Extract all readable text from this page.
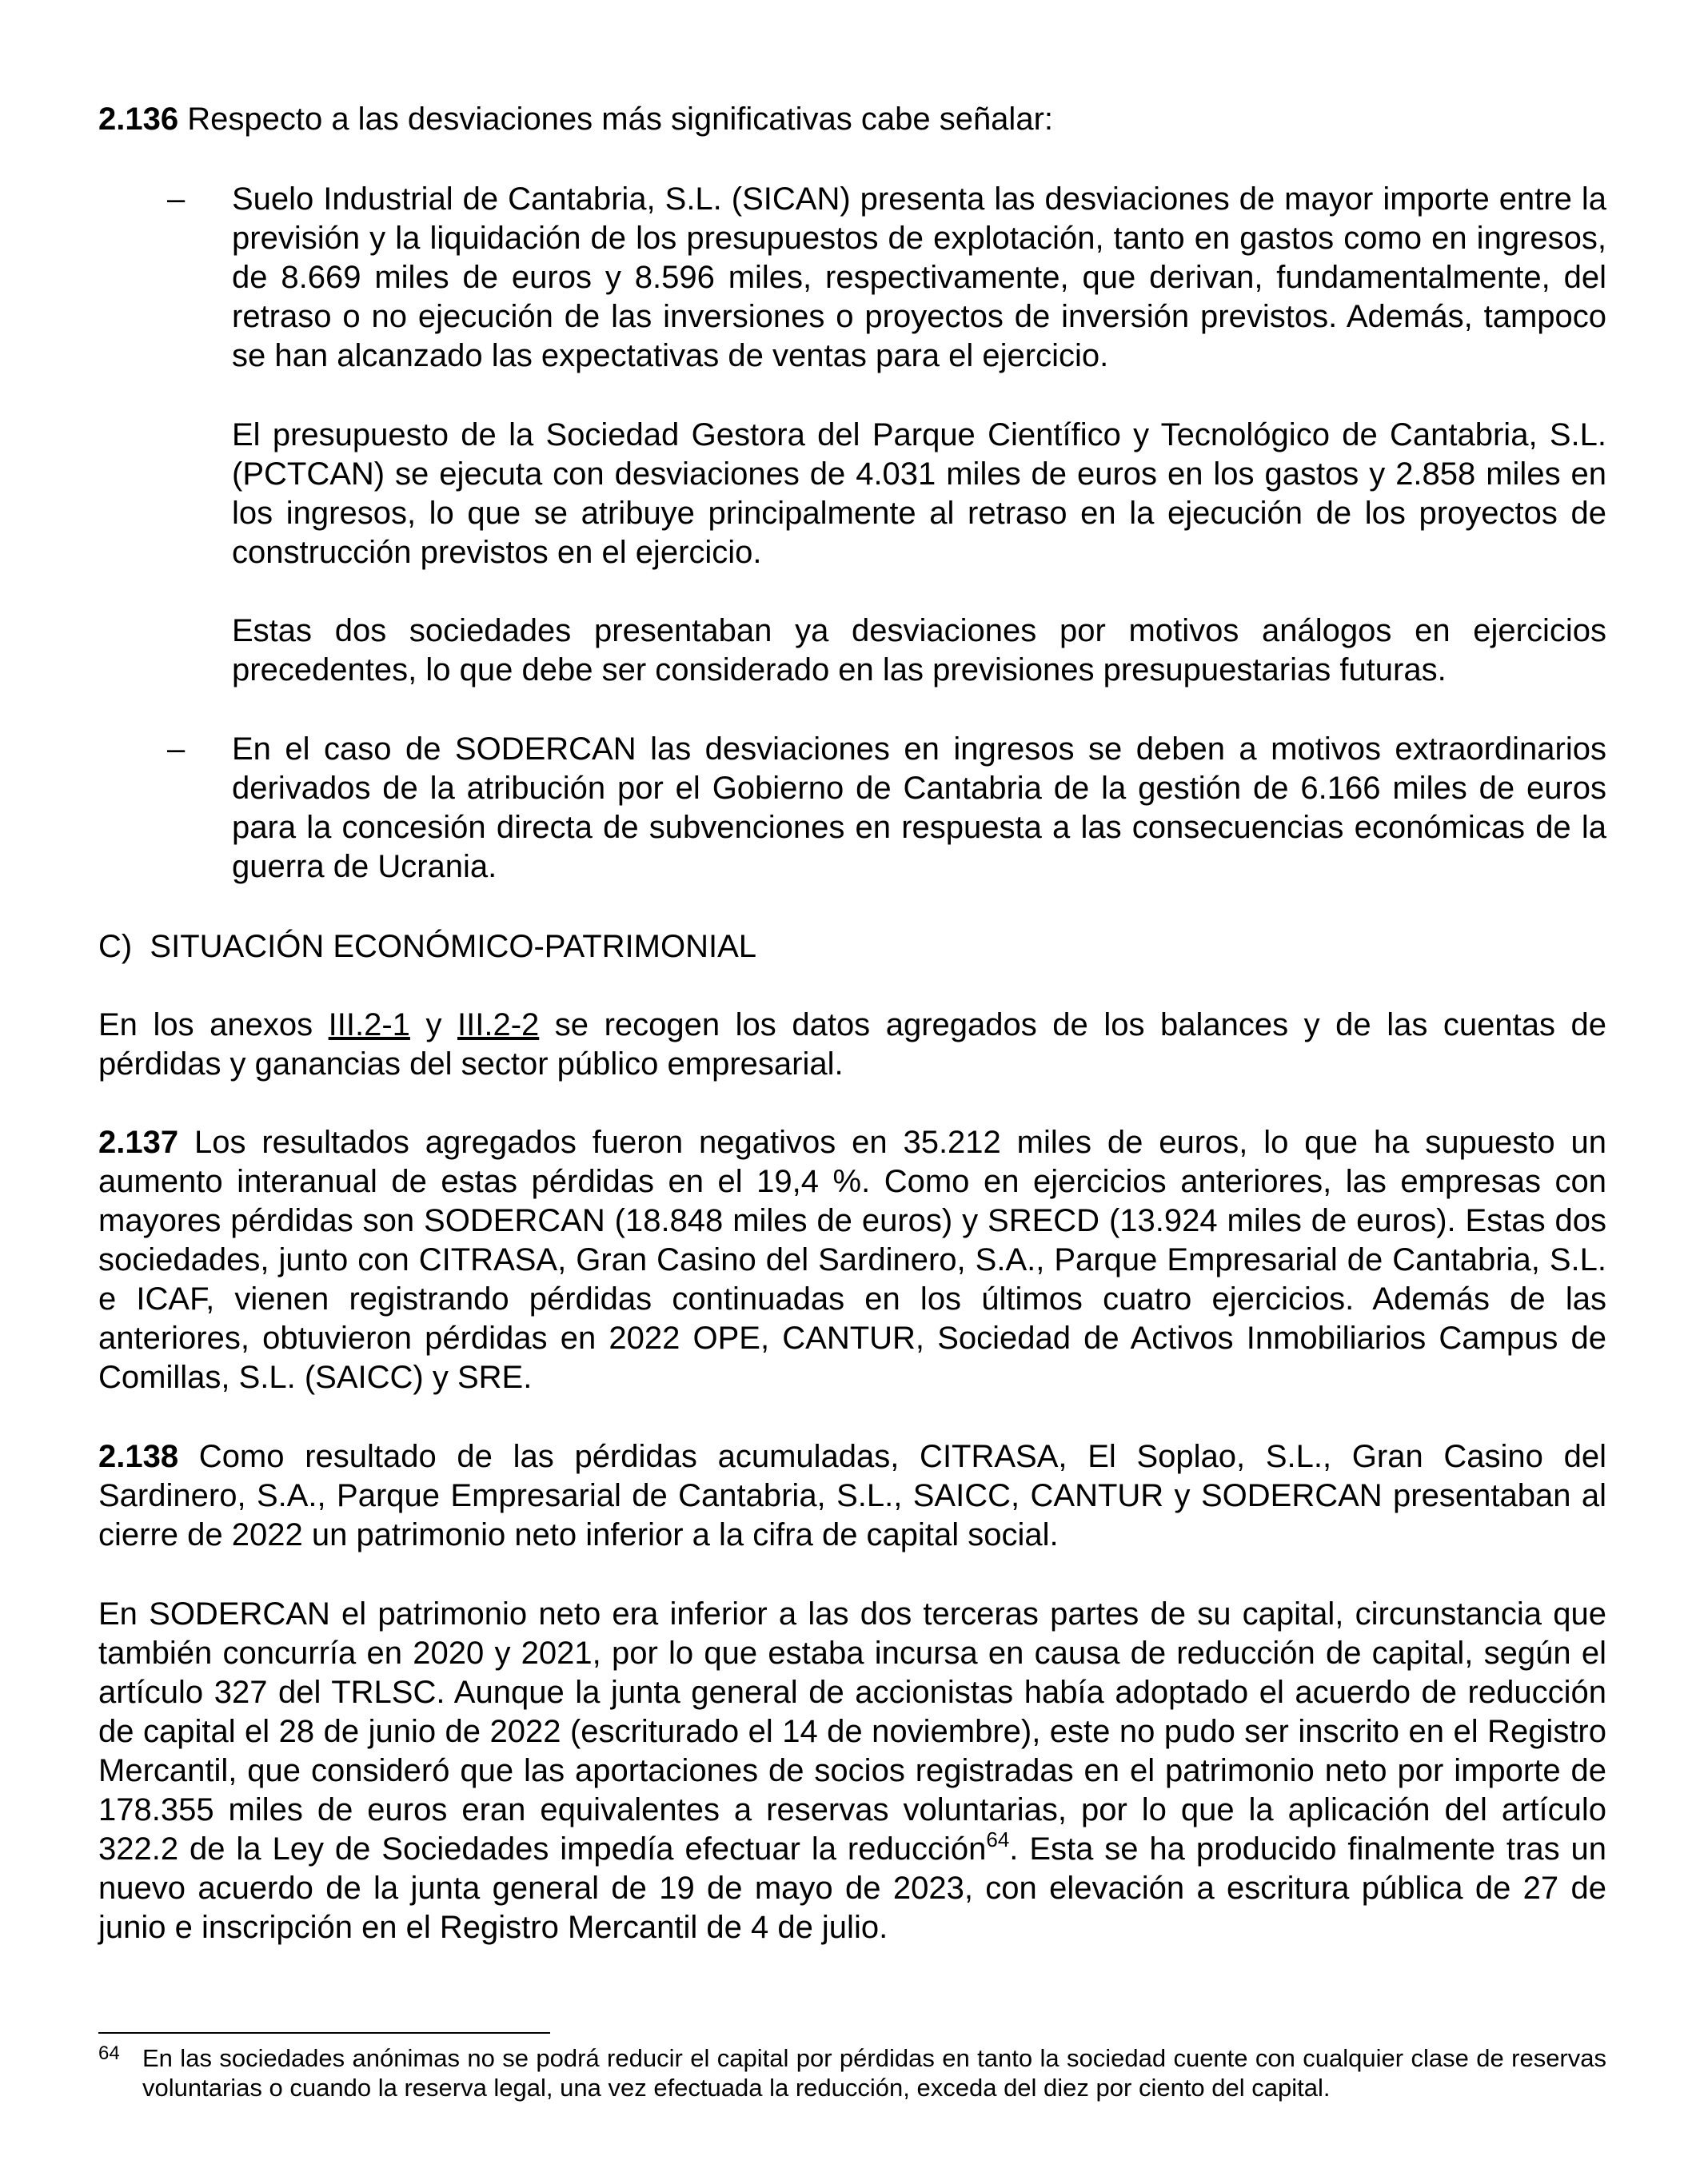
2.136 Respecto a las desviaciones más significativas cabe señalar:

–	Suelo Industrial de Cantabria, S.L. (SICAN) presenta las desviaciones de mayor importe entre la previsión y la liquidación de los presupuestos de explotación, tanto en gastos como en ingresos, de 8.669 miles de euros y 8.596 miles, respectivamente, que derivan, fundamentalmente, del retraso o no ejecución de las inversiones o proyectos de inversión previstos. Además, tampoco se han alcanzado las expectativas de ventas para el ejercicio.

El presupuesto de la Sociedad Gestora del Parque Científico y Tecnológico de Cantabria, S.L. (PCTCAN) se ejecuta con desviaciones de 4.031 miles de euros en los gastos y 2.858 miles en los ingresos, lo que se atribuye principalmente al retraso en la ejecución de los proyectos de construcción previstos en el ejercicio.

Estas dos sociedades presentaban ya desviaciones por motivos análogos en ejercicios precedentes, lo que debe ser considerado en las previsiones presupuestarias futuras.

–	En el caso de SODERCAN las desviaciones en ingresos se deben a motivos extraordinarios derivados de la atribución por el Gobierno de Cantabria de la gestión de 6.166 miles de euros para la concesión directa de subvenciones en respuesta a las consecuencias económicas de la guerra de Ucrania.

C)  SITUACIÓN ECONÓMICO-PATRIMONIAL

En los anexos III.2-1 y III.2-2 se recogen los datos agregados de los balances y de las cuentas de pérdidas y ganancias del sector público empresarial.

2.137 Los resultados agregados fueron negativos en 35.212 miles de euros, lo que ha supuesto un aumento interanual de estas pérdidas en el 19,4 %. Como en ejercicios anteriores, las empresas con mayores pérdidas son SODERCAN (18.848 miles de euros) y SRECD (13.924 miles de euros). Estas dos sociedades, junto con CITRASA, Gran Casino del Sardinero, S.A., Parque Empresarial de Cantabria, S.L. e ICAF, vienen registrando pérdidas continuadas en los últimos cuatro ejercicios. Además de las anteriores, obtuvieron pérdidas en 2022 OPE, CANTUR, Sociedad de Activos Inmobiliarios Campus de Comillas, S.L. (SAICC) y SRE.

2.138 Como resultado de las pérdidas acumuladas, CITRASA, El Soplao, S.L., Gran Casino del Sardinero, S.A., Parque Empresarial de Cantabria, S.L., SAICC, CANTUR y SODERCAN presentaban al cierre de 2022 un patrimonio neto inferior a la cifra de capital social.

En SODERCAN el patrimonio neto era inferior a las dos terceras partes de su capital, circunstancia que también concurría en 2020 y 2021, por lo que estaba incursa en causa de reducción de capital, según el artículo 327 del TRLSC. Aunque la junta general de accionistas había adoptado el acuerdo de reducción de capital el 28 de junio de 2022 (escriturado el 14 de noviembre), este no pudo ser inscrito en el Registro Mercantil, que consideró que las aportaciones de socios registradas en el patrimonio neto por importe de 178.355 miles de euros eran equivalentes a reservas voluntarias, por lo que la aplicación del artículo 322.2 de la Ley de Sociedades impedía efectuar la reducción$^{64}$. Esta se ha producido finalmente tras un nuevo acuerdo de la junta general de 19 de mayo de 2023, con elevación a escritura pública de 27 de junio e inscripción en el Registro Mercantil de 4 de julio.

64 En las sociedades anónimas no se podrá reducir el capital por pérdidas en tanto la sociedad cuente con cualquier clase de reservas voluntarias o cuando la reserva legal, una vez efectuada la reducción, exceda del diez por ciento del capital.
